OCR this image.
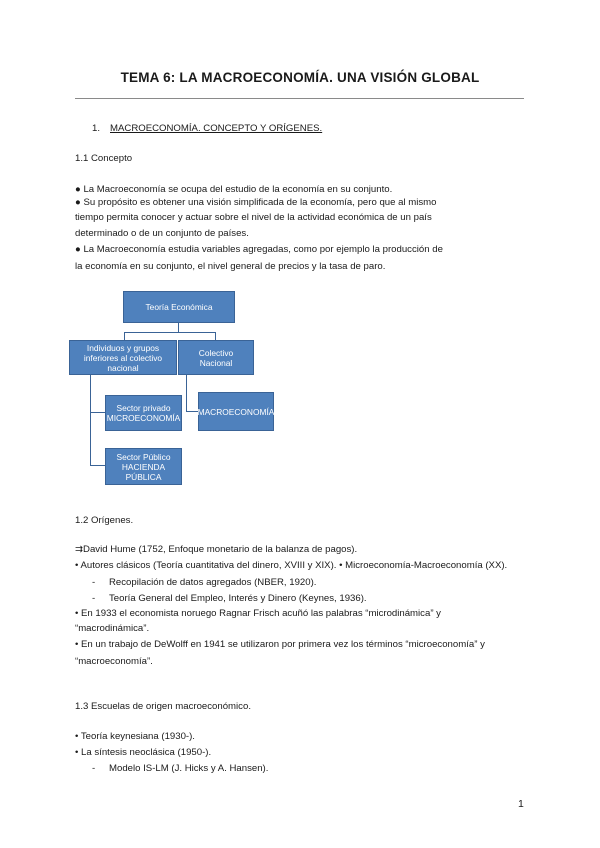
TEMA 6: LA MACROECONOMÍA. UNA VISIÓN GLOBAL
1. MACROECONOMÍA. CONCEPTO Y ORÍGENES.
1.1 Concepto
● La Macroeconomía se ocupa del estudio de la economía en su conjunto.
● Su propósito es obtener una visión simplificada de la economía, pero que al mismo
tiempo permita conocer y actuar sobre el nivel de la actividad económica de un país
determinado o de un conjunto de países.
● La Macroeconomía estudia variables agregadas, como por ejemplo la producción de
la economía en su conjunto, el nivel general de precios y la tasa de paro.
Teoría Económica
Individuos y grupos inferiores al colectivo nacional
Colectivo Nacional
Sector privado MICROECONOMÍA
Sector Público HACIENDA PÚBLICA
MACROECONOMÍA
1.2 Orígenes.
⇉David Hume (1752, Enfoque monetario de la balanza de pagos).
• Autores clásicos (Teoría cuantitativa del dinero, XVIII y XIX). • Microeconomía-Macroeconomía (XX).
- Recopilación de datos agregados (NBER, 1920).
- Teoría General del Empleo, Interés y Dinero (Keynes, 1936).
• En 1933 el economista noruego Ragnar Frisch acuñó las palabras “microdinámica” y
“macrodinámica”.
• En un trabajo de DeWolff en 1941 se utilizaron por primera vez los términos “microeconomía” y
“macroeconomía”.
1.3 Escuelas de origen macroeconómico.
• Teoría keynesiana (1930-).
• La síntesis neoclásica (1950-).
- Modelo IS-LM (J. Hicks y A. Hansen).
1
